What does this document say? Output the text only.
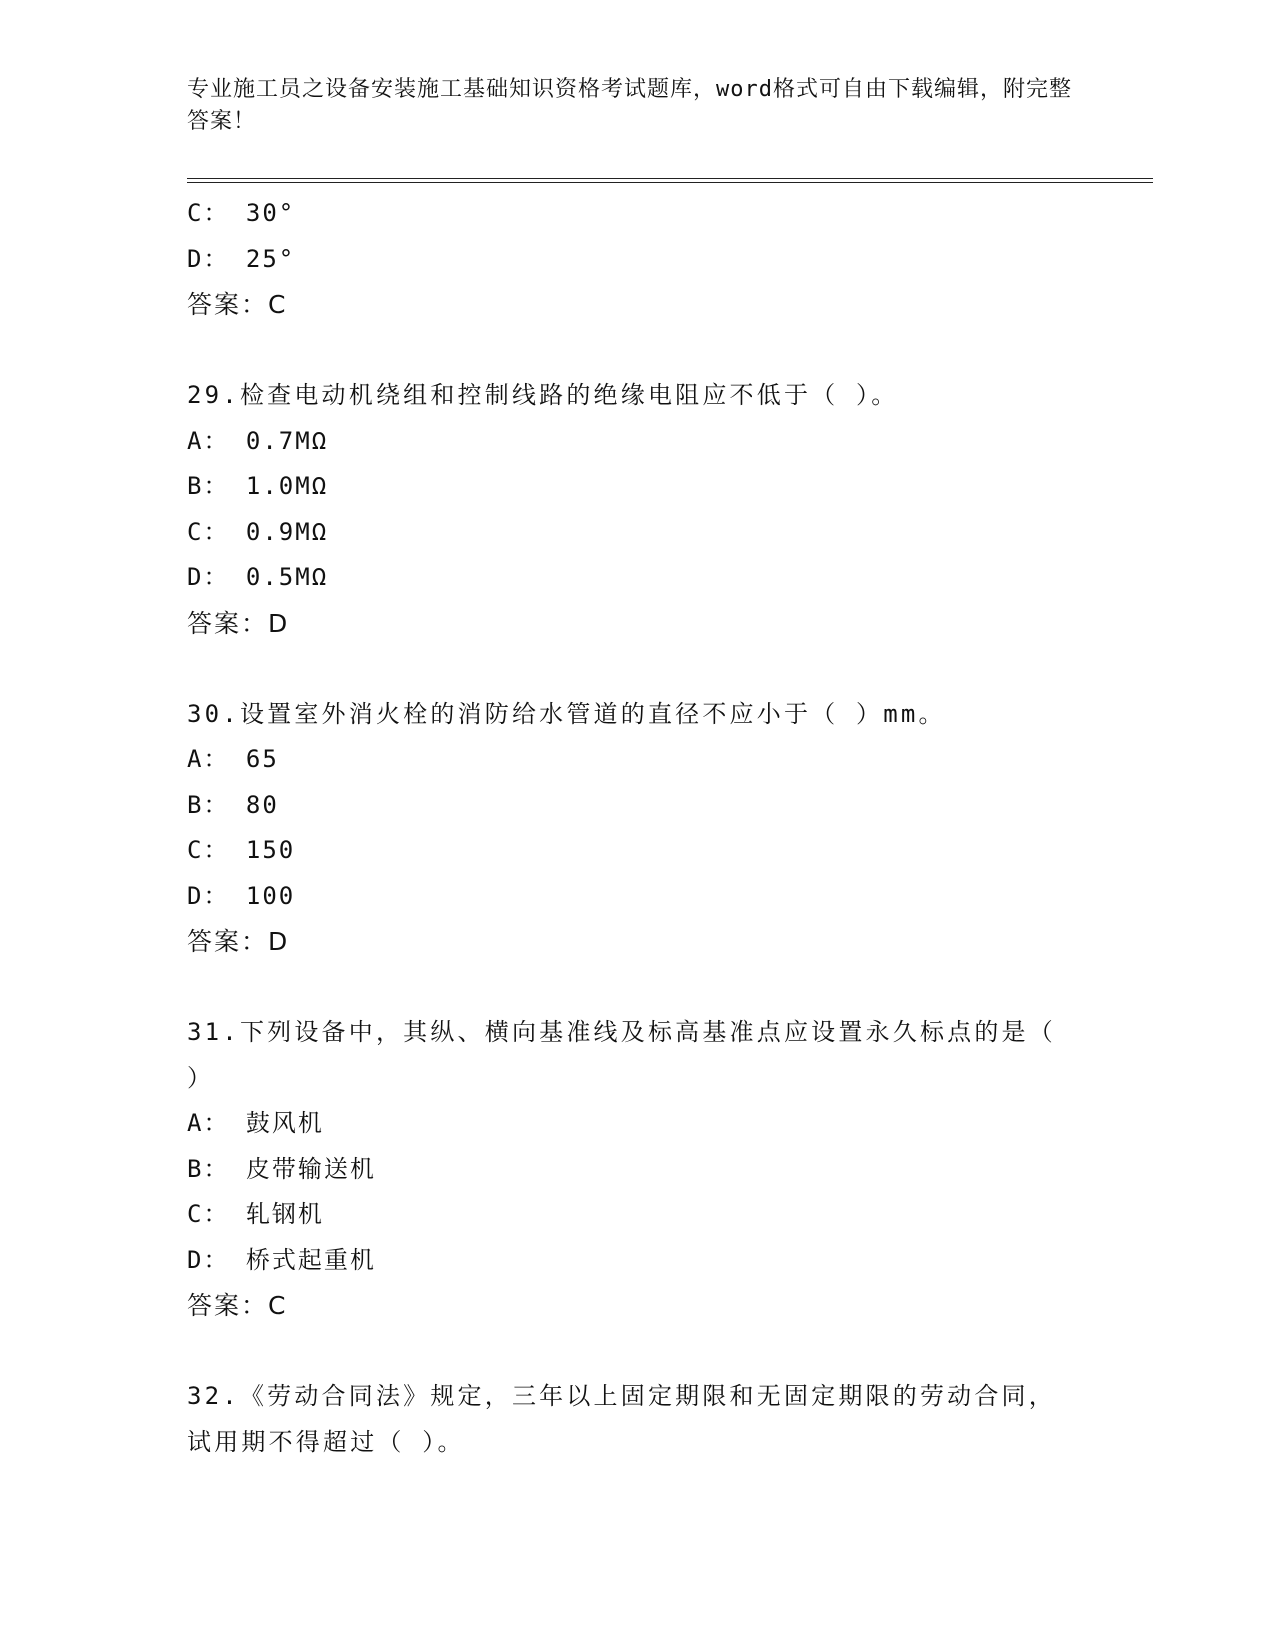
专业施工员之设备安装施工基础知识资格考试题库，word格式可自由下载编辑，附完整答案！
C： 30°
D： 25°
答案：C
29.检查电动机绕组和控制线路的绝缘电阻应不低于（ ）。
A： 0.7MΩ
B： 1.0MΩ
C： 0.9MΩ
D： 0.5MΩ
答案：D
30.设置室外消火栓的消防给水管道的直径不应小于（ ）mm。
A： 65
B： 80
C： 150
D： 100
答案：D
31.下列设备中，其纵、横向基准线及标高基准点应设置永久标点的是（ ）
A： 鼓风机
B： 皮带输送机
C： 轧钢机
D： 桥式起重机
答案：C
32.《劳动合同法》规定，三年以上固定期限和无固定期限的劳动合同，试用期不得超过（ ）。
